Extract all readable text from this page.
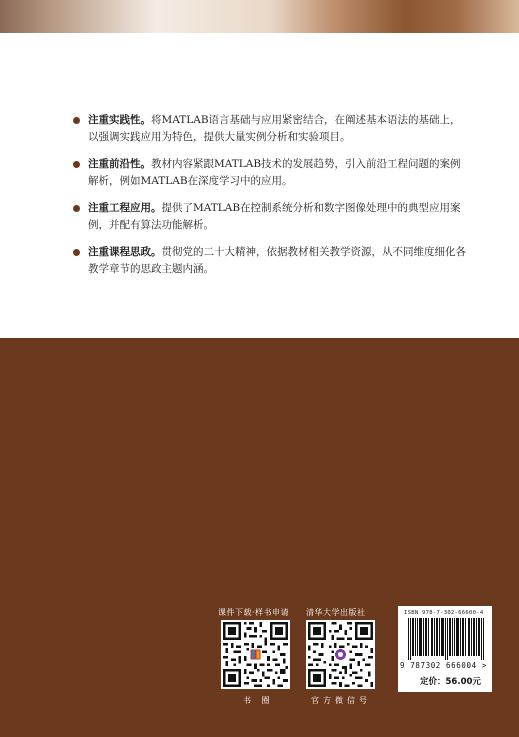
注重实践性。将MATLAB语言基础与应用紧密结合，在阐述基本语法的基础上，以强调实践应用为特色，提供大量实例分析和实验项目。
注重前沿性。教材内容紧跟MATLAB技术的发展趋势，引入前沿工程问题的案例解析，例如MATLAB在深度学习中的应用。
注重工程应用。提供了MATLAB在控制系统分析和数字图像处理中的典型应用案例，并配有算法功能解析。
注重课程思政。贯彻党的二十大精神，依据教材相关教学资源，从不同维度细化各教学章节的思政主题内涵。
课件下载·样书申请
书 圈
清华大学出版社
官方微信号
ISBN 978-7-302-66600-4
9 787302 666004 >
定价：56.00元
